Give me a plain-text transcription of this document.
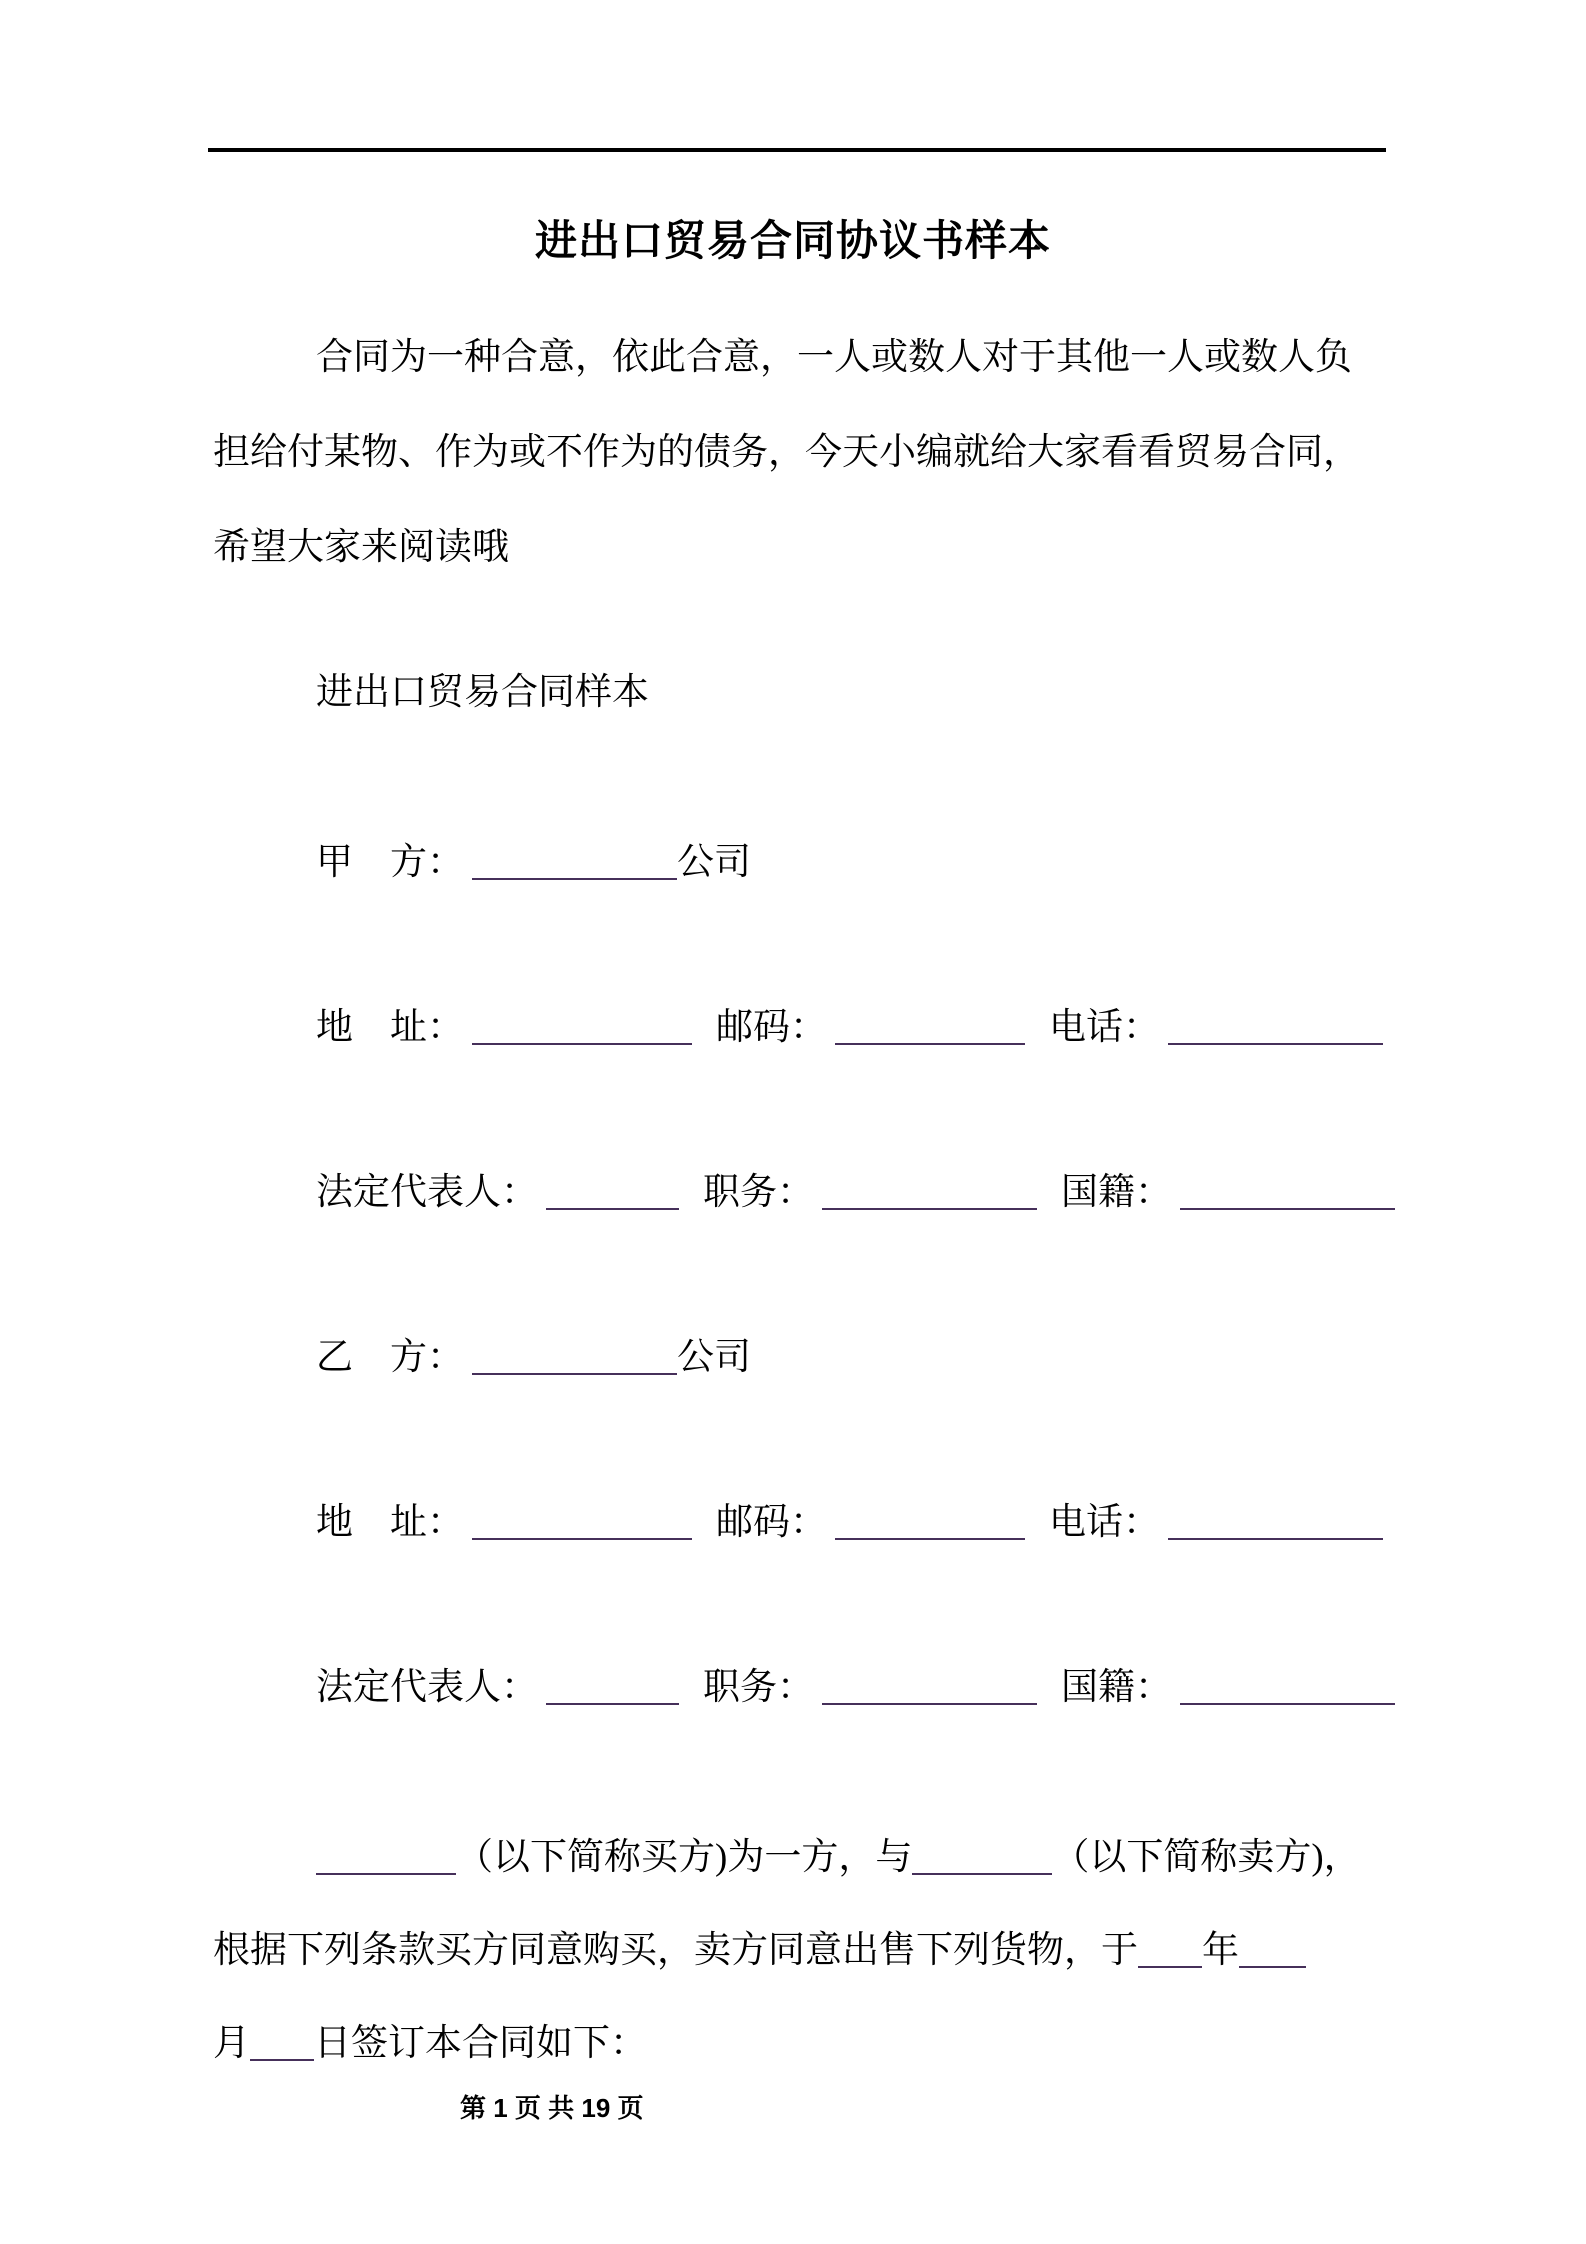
进出口贸易合同协议书样本
合同为一种合意，依此合意，一人或数人对于其他一人或数人负
担给付某物、作为或不作为的债务，今天小编就给大家看看贸易合同，
希望大家来阅读哦
进出口贸易合同样本
甲　方：	公司
地　址：	邮码：	电话：
法定代表人：	职务：	国籍：
乙　方：	公司
地　址：	邮码：	电话：
法定代表人：	职务：	国籍：
（以下简称买方)为一方，与	（以下简称卖方)，
根据下列条款买方同意购买，卖方同意出售下列货物，于 年
月 日签订本合同如下：
第 1 页 共 19 页
